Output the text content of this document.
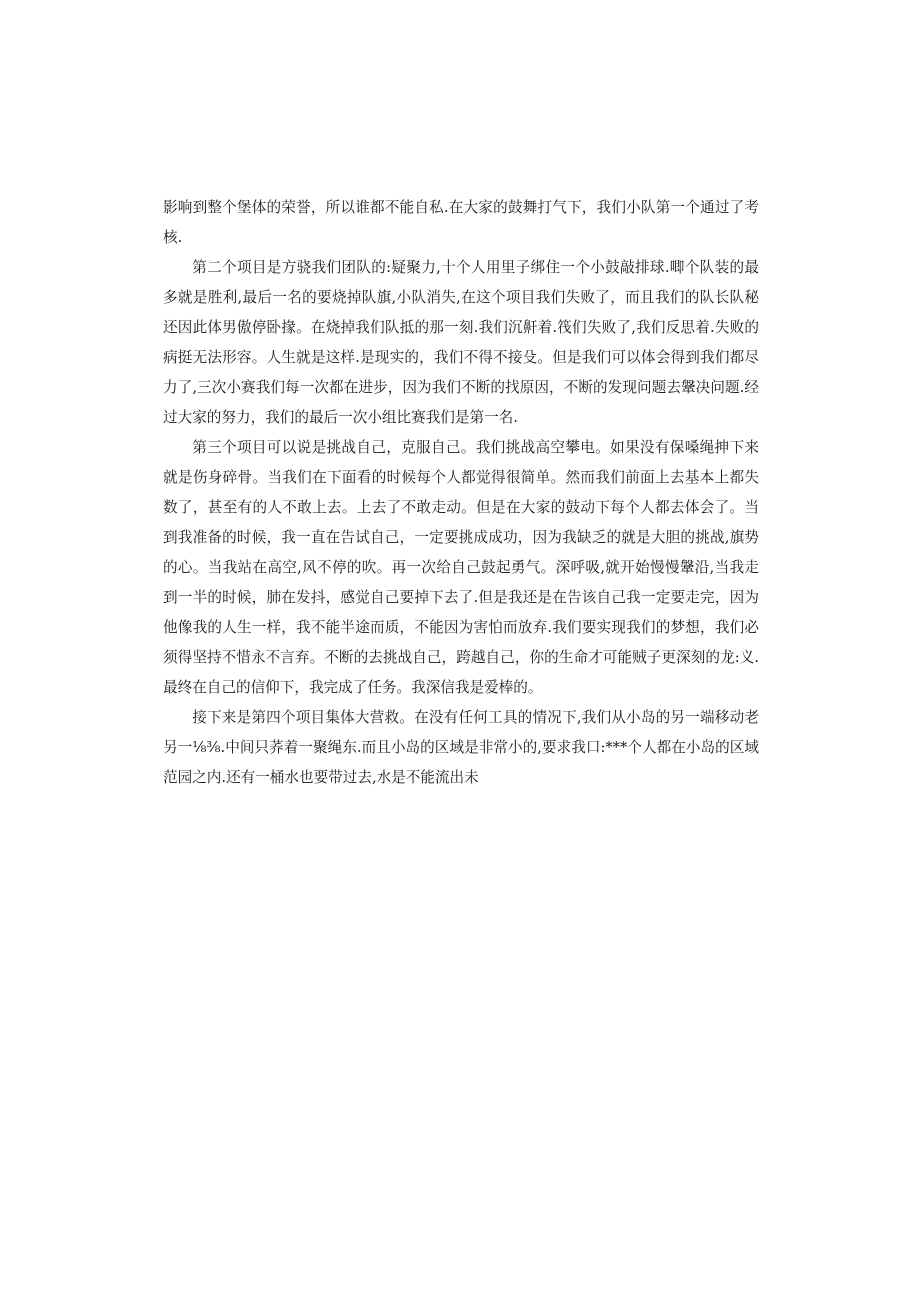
影响到整个堡体的荣誉，所以谁都不能自私.在大家的鼓舞打气下，我们小队第一个通过了考核.

第二个项目是方骁我们团队的:疑聚力,十个人用里子绑住一个小鼓敲排球.唧个队装的最多就是胜利,最后一名的要烧掉队旗,小队消失,在这个项目我们失败了，而且我们的队长队秘还因此体男傲停卧掾。在烧掉我们队抵的那一刻.我们沉鼾着.筏们失败了,我们反思着.失败的病挺无法形容。人生就是这样.是现实的，我们不得不接殳。但是我们可以体会得到我们都尽力了,三次小赛我们每一次都在进步，因为我们不断的找原因，不断的发现问题去鞶决问题.经过大家的努力，我们的最后一次小组比赛我们是第一名.

第三个项目可以说是挑战自己，克服自己。我们挑战高空攀电。如果没有保嗓绳抻下来就是伤身碎骨。当我们在下面看的时候每个人都觉得很简单。然而我们前面上去基本上都失数了，甚至有的人不敢上去。上去了不敢走动。但是在大家的鼓动下每个人都去体会了。当到我准备的时候，我一直在告试自己，一定要挑成成功，因为我缺乏的就是大胆的挑战,旗势的心。当我站在高空,风不停的吹。再一次给自己鼓起勇气。深呼吸,就开始慢慢鞶沿,当我走到一半的时候，肺在发抖，感觉自己要掉下去了.但是我还是在告该自己我一定要走完，因为他像我的人生一样，我不能半途而质，不能因为害怕而放弃.我们要实现我们的梦想，我们必须得坚持不惜永不言弃。不断的去挑战自己，跨越自己，你的生命才可能贼子更深刻的龙:义.最终在自己的信仰下，我完成了任务。我深信我是爱棒的。

接下来是第四个项目集体大营救。在没有任何工具的情况下,我们从小岛的另一端移动老另一⅛⅜.中间只荞着一聚绳东.而且小岛的区域是非常小的,要求我口:***个人都在小岛的区域范园之内.还有一桶水也要带过去,水是不能流出未
